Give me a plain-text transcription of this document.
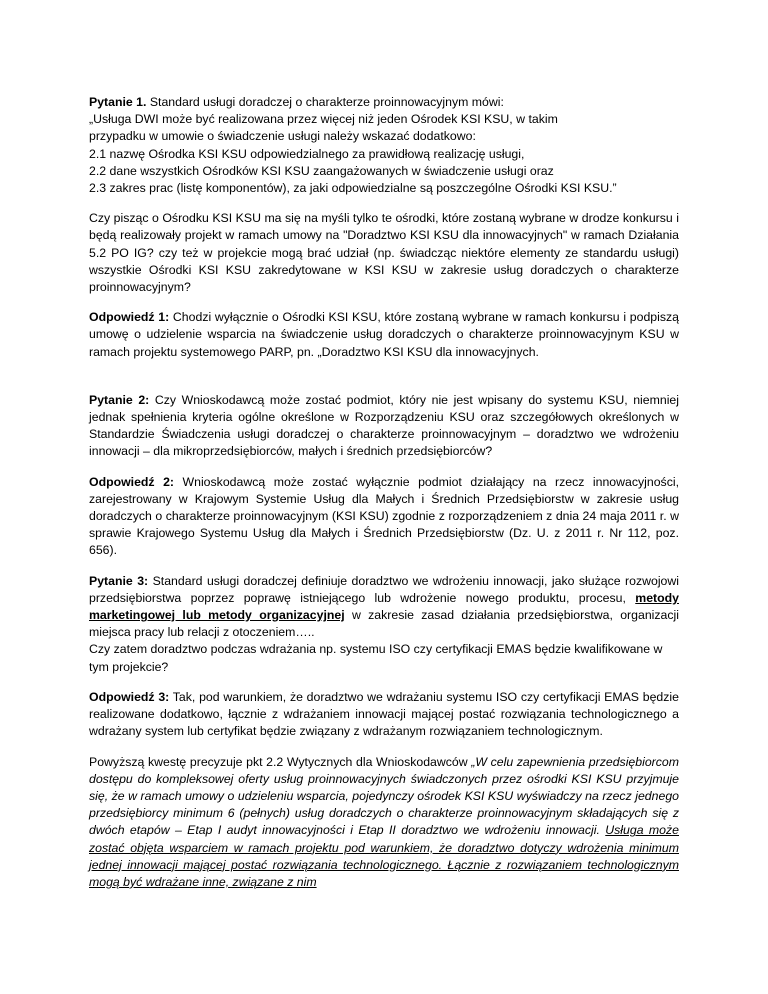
Pytanie 1. Standard usługi doradczej o charakterze proinnowacyjnym mówi:
„Usługa DWI może być realizowana przez więcej niż jeden Ośrodek KSI KSU, w takim
przypadku w umowie o świadczenie usługi należy wskazać dodatkowo:
2.1 nazwę Ośrodka KSI KSU odpowiedzialnego za prawidłową realizację usługi,
2.2 dane wszystkich Ośrodków KSI KSU zaangażowanych w świadczenie usługi oraz
2.3 zakres prac (listę komponentów), za jaki odpowiedzialne są poszczególne Ośrodki KSI KSU.”

Czy pisząc o Ośrodku KSI KSU ma się na myśli tylko te ośrodki, które zostaną wybrane w drodze konkursu i będą realizowały projekt w ramach umowy na "Doradztwo KSI KSU dla innowacyjnych" w ramach Działania 5.2 PO IG? czy też w projekcie mogą brać udział (np. świadcząc niektóre elementy ze standardu usługi) wszystkie Ośrodki KSI KSU zakredytowane w KSI KSU w zakresie usług doradczych o charakterze proinnowacyjnym?

Odpowiedź 1: Chodzi wyłącznie o Ośrodki KSI KSU, które zostaną wybrane w ramach konkursu i podpiszą umowę o udzielenie wsparcia na świadczenie usług doradczych o charakterze proinnowacyjnym KSU w ramach projektu systemowego PARP, pn. „Doradztwo KSI KSU dla innowacyjnych.

Pytanie 2: Czy Wnioskodawcą może zostać podmiot, który nie jest wpisany do systemu KSU, niemniej jednak spełnienia kryteria ogólne określone w Rozporządzeniu KSU oraz szczegółowych określonych w Standardzie Świadczenia usługi doradczej o charakterze proinnowacyjnym – doradztwo we wdrożeniu innowacji – dla mikroprzedsiębiorców, małych i średnich przedsiębiorców?

Odpowiedź 2: Wnioskodawcą może zostać wyłącznie podmiot działający na rzecz innowacyjności, zarejestrowany w Krajowym Systemie Usług dla Małych i Średnich Przedsiębiorstw w zakresie usług doradczych o charakterze proinnowacyjnym (KSI KSU) zgodnie z rozporządzeniem z dnia 24 maja 2011 r. w sprawie Krajowego Systemu Usług dla Małych i Średnich Przedsiębiorstw (Dz. U. z 2011 r. Nr 112, poz. 656).

Pytanie 3: Standard usługi doradczej definiuje doradztwo we wdrożeniu innowacji, jako służące rozwojowi przedsiębiorstwa poprzez poprawę istniejącego lub wdrożenie nowego produktu, procesu, metody marketingowej lub metody organizacyjnej w zakresie zasad działania przedsiębiorstwa, organizacji miejsca pracy lub relacji z otoczeniem…..
Czy zatem doradztwo podczas wdrażania np. systemu ISO czy certyfikacji EMAS będzie kwalifikowane w tym projekcie?

Odpowiedź 3: Tak, pod warunkiem, że doradztwo we wdrażaniu systemu ISO czy certyfikacji EMAS będzie realizowane dodatkowo, łącznie z wdrażaniem innowacji mającej postać rozwiązania technologicznego a wdrażany system lub certyfikat będzie związany z wdrażanym rozwiązaniem technologicznym.

Powyższą kwestę precyzuje pkt 2.2 Wytycznych dla Wnioskodawców „W celu zapewnienia przedsiębiorcom dostępu do kompleksowej oferty usług proinnowacyjnych świadczonych przez ośrodki KSI KSU przyjmuje się, że w ramach umowy o udzieleniu wsparcia, pojedynczy ośrodek KSI KSU wyświadczy na rzecz jednego przedsiębiorcy minimum 6 (pełnych) usług doradczych o charakterze proinnowacyjnym składających się z dwóch etapów – Etap I audyt innowacyjności i Etap II doradztwo we wdrożeniu innowacji. Usługa może zostać objęta wsparciem w ramach projektu pod warunkiem, że doradztwo dotyczy wdrożenia minimum jednej innowacji mającej postać rozwiązania technologicznego. Łącznie z rozwiązaniem technologicznym mogą być wdrażane inne, związane z nim
